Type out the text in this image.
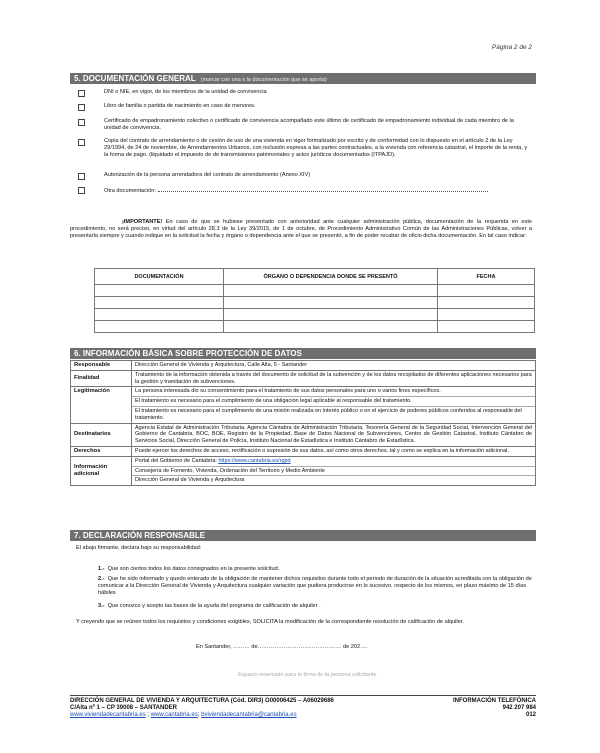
Página 2 de 2
5. DOCUMENTACIÓN GENERAL (marcar con una x la documentación que se aporta)
DNI o NIE, en vigor, de los miembros de la unidad de convivencia
Libro de familia o partida de nacimiento en caso de menores.
Certificado de empadronamiento colectivo o certificado de convivencia acompañado este último de certificado de empadronamiento individual de cada miembro de la unidad de convivencia.
Copia del contrato de arrendamiento o de cesión de uso de una vivienda en vigor formalizado por escrito y de conformidad con lo dispuesto en el artículo 2 de la Ley 29/1994, de 24 de noviembre, de Arrendamientos Urbanos, con inclusión expresa a las partes contractuales, a la vivienda con referencia catastral, el importe de la renta, y la forma de pago. (liquidado el impuesto de de transmisiones patrimoniales y actos jurídicos documentados (ITPAJD).
Autorización de la persona arrendadora del contrato de arrendamiento (Anexo XIV)
Otra documentación:
¡IMPORTANTE! En caso de que se hubiese presentado con anterioridad ante cualquier administración pública, documentación de la requerida en este procedimiento, no será preciso, en virtud del artículo 28.3 de la Ley 39/2015, de 1 de octubre, de Procedimiento Administrativo Común de las Administraciones Públicas, volver a presentarla siempre y cuando indique en la solicitud la fecha y órgano o dependencia ante el que se presentó, a fin de poder recabar de oficio dicha documentación. En tal caso indicar:
DOCUMENTACIÓN	ÓRGANO O DEPENDENCIA DONDE SE PRESENTÓ	FECHA

6. INFORMACIÓN BÁSICA SOBRE PROTECCIÓN DE DATOS
Responsable	Dirección General de Vivienda y Arquitectura, Calle Alta, 5 - Santander
Finalidad	Tratamiento de la información obtenida a través del documento de solicitud de la subvención y de los datos recopilados de diferentes aplicaciones necesarios para la gestión y tramitación de subvenciones.
Legitimación	La persona interesada dio su consentimiento para el tratamiento de sus datos personales para uno o varios fines específicos.
El tratamiento es necesario para el cumplimiento de una obligación legal aplicable al responsable del tratamiento.
El tratamiento es necesario para el cumplimiento de una misión realizada en interés público o en el ejercicio de poderes públicos conferidos al responsable del tratamiento.

Destinatarios	Agencia Estatal de Administración Tributaria, Agencia Cántabra de Administración Tributaria, Tesorería General de la Seguridad Social, Intervención General del Gobierno de Cantabria, BOC, BOE, Registro de la Propiedad, Base de Datos Nacional de Subvenciones, Centro de Gestión Catastral, Instituto Cántabro de Servicios Social, Dirección General de Policía, Instituto Nacional de Estadística e Instituto Cántabro de Estadística.
Derechos	Puede ejercer los derechos de acceso, rectificación o supresión de sus datos, así como otros derechos, tal y como se explica en la información adicional.
Información adicional	Portal del Gobierno de Cantabria: https://www.cantabria.es/rgpd
Consejería de Fomento, Vivienda, Ordenación del Territorio y Medio Ambiente
Dirección General de Vivienda y Arquitectura
7. DECLARACIÓN RESPONSABLE
El abajo firmante, declara bajo su responsabilidad:
1.- Que son ciertos todos los datos consignados en la presente solicitud.
2.- Que he sido informado y quedo enterado de la obligación de mantener dichos requisitos durante todo el periodo de duración de la situación acreditada con la obligación de comunicar a la Dirección General de Vivienda y Arquitectura cualquier variación que pudiera producirse en lo sucesivo, respecto de los mismos, en plazo máximo de 15 días hábiles
3.- Que conozco y acepto las bases de la ayuda del programa de calificación de alquiler .
Y creyendo que se reúnen todos los requisitos y condiciones exigibles, SOLICITA la modificación de la correspondiente resolución de calificación de alquiler.
En Santander, ……… de……………………………………… de 202….
Espacio reservado para la firma de la persona solicitante
DIRECCIÓN GENERAL DE VIVIENDA Y ARQUITECTURA (Cód. DIR3) O00006425 – A06029686
C/Alta nº 1 – CP 39008 – SANTANDER
www.viviendadecantabria.es ; www.cantabria.es; bviviendadecantabria@cantabria.es
INFORMACIÓN TELEFÓNICA
942 207 984
012
